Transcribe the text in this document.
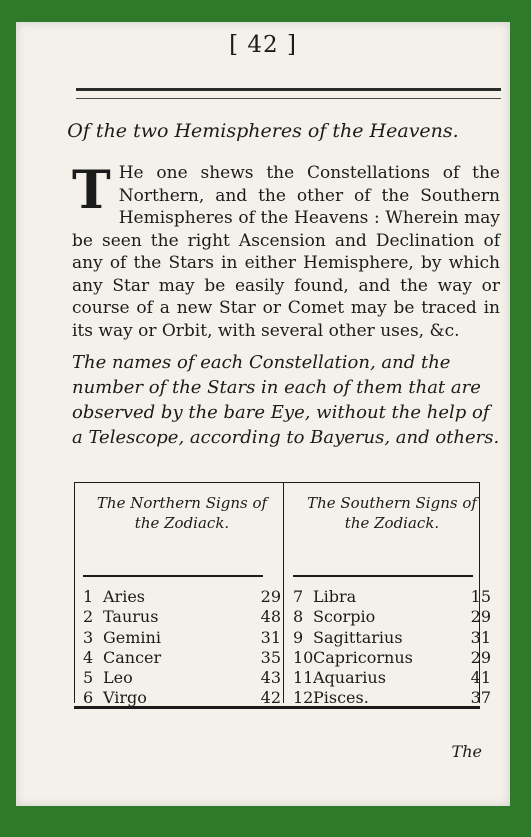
[ 42 ]
Of the two Hemispheres of the Heavens.
T He one shews the Constellations of the Northern, and the other of the Southern Hemispheres of the Heavens : Wherein may be seen the right Ascension and Declination of any of the Stars in either Hemisphere, by which any Star may be easily found, and the way or course of a new Star or Comet may be traced in its way or Orbit, with several other uses, &c.
The names of each Constellation, and the number of the Stars in each of them that are observed by the bare Eye, without the help of a Telescope, according to Bayerus, and others.
The Northern Signs of the Zodiack.
1 Aries	29
2 Taurus	48
3 Gemini	31
4 Cancer	35
5 Leo	43
6 Virgo	42
The Southern Signs of the Zodiack.
7 Libra	15
8 Scorpio	29
9 Sagittarius	31
10 Capricornus	29
11 Aquarius	41
12 Pisces.	37
The
